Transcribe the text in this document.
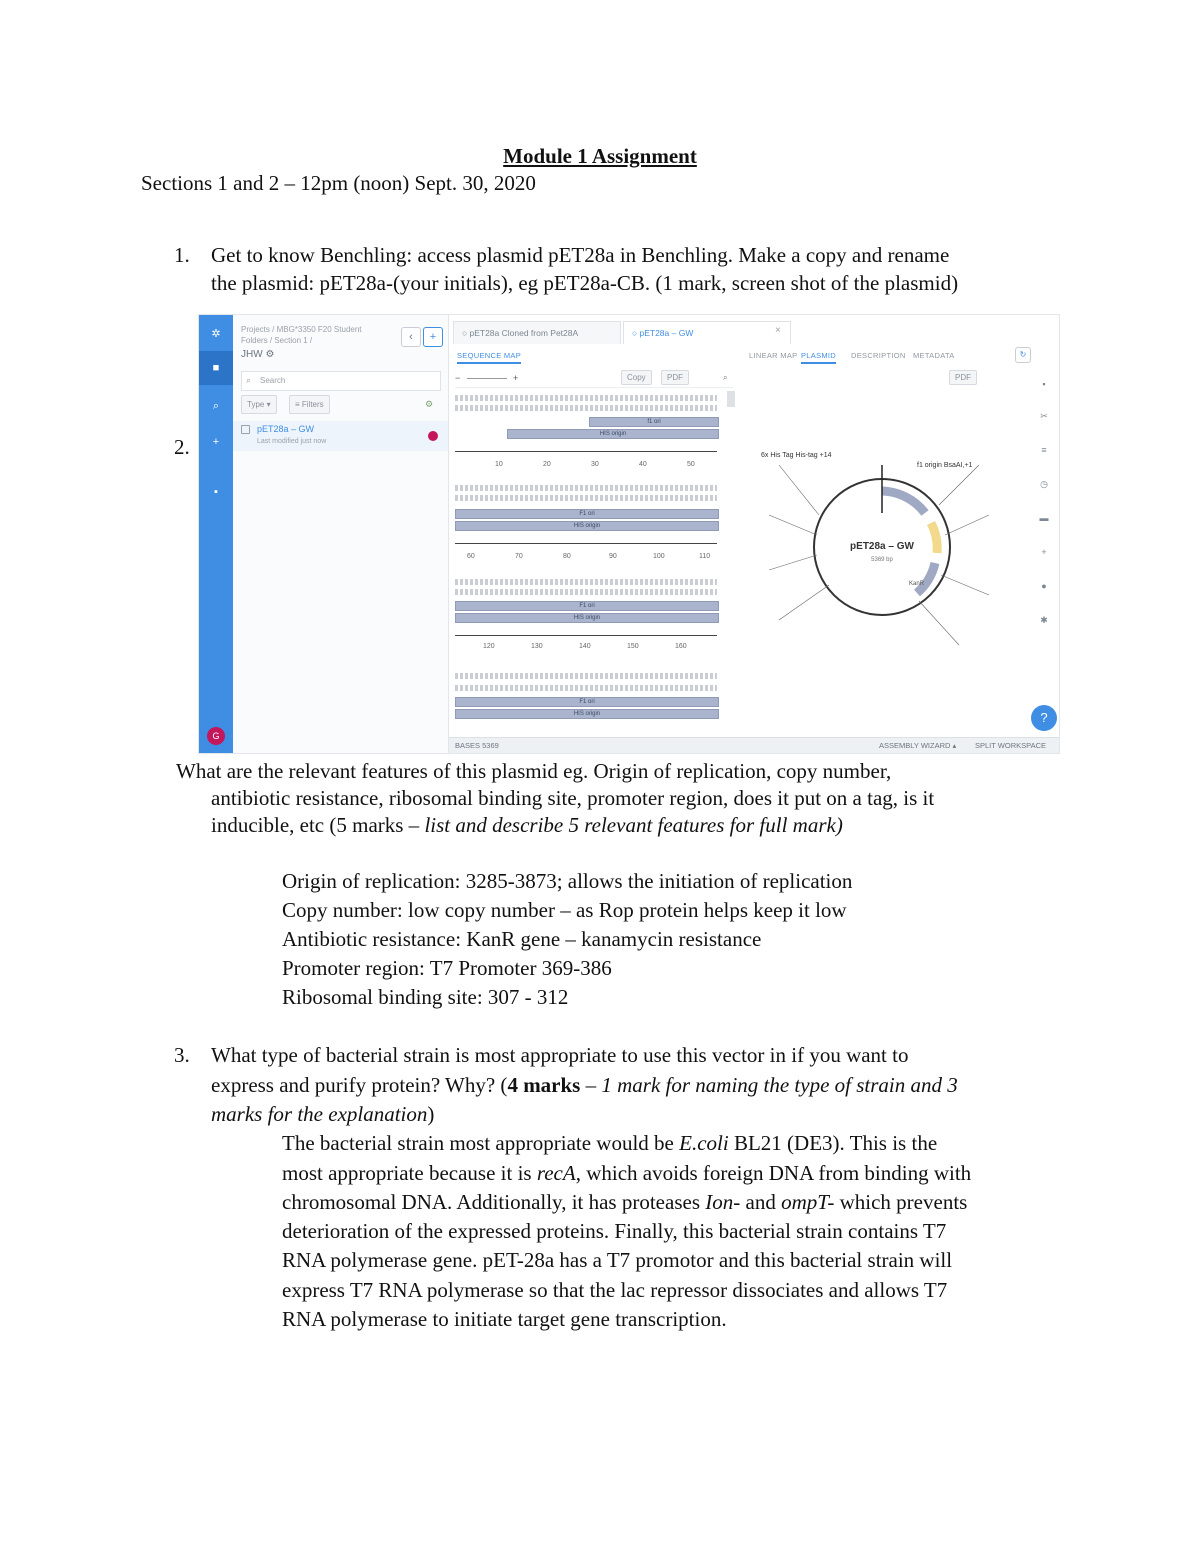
Module 1 Assignment
Sections 1 and 2 – 12pm (noon) Sept. 30, 2020
1. Get to know Benchling: access plasmid pET28a in Benchling. Make a copy and rename
the plasmid: pET28a-(your initials), eg pET28a-CB. (1 mark, screen shot of the plasmid)
2.
✲
■
⌕
+
▪
G
Projects / MBG*3350 F20 Student
Folders / Section 1 /
JHW ⚙
‹	+
⌕ Search
Type ▾	≡ Filters	⚙
pET28a – GW
Last modified just now
○ pET28a Cloned from Pet28A	○ pET28a – GW	×
SEQUENCE MAP
−	+	Copy	PDF	⌕
f1 ori
HIS origin
10	20	30	40	50
F1 ori
HIS origin
60	70	80	90	100	110
F1 ori
HIS origin
120	130	140	150	160
F1 ori
HIS origin
LINEAR MAP PLASMID DESCRIPTION METADATA	↻
PDF
pET28a – GW
5369 bp
6x His Tag His-tag +14
f1 origin BsaAI,+1
KanR
▪
✂
≡
◷
▬
+
●
✱
?
BASES 5369	ASSEMBLY WIZARD ▴ SPLIT WORKSPACE
What are the relevant features of this plasmid eg. Origin of replication, copy number,
antibiotic resistance, ribosomal binding site, promoter region, does it put on a tag, is it
inducible, etc (5 marks – list and describe 5 relevant features for full mark)
Origin of replication: 3285-3873; allows the initiation of replication
Copy number: low copy number – as Rop protein helps keep it low
Antibiotic resistance: KanR gene – kanamycin resistance
Promoter region: T7 Promoter 369-386
Ribosomal binding site: 307 - 312
3. What type of bacterial strain is most appropriate to use this vector in if you want to
express and purify protein? Why? (4 marks – 1 mark for naming the type of strain and 3
marks for the explanation)
The bacterial strain most appropriate would be E.coli BL21 (DE3). This is the
most appropriate because it is recA, which avoids foreign DNA from binding with
chromosomal DNA. Additionally, it has proteases Ion- and ompT- which prevents
deterioration of the expressed proteins. Finally, this bacterial strain contains T7
RNA polymerase gene. pET-28a has a T7 promotor and this bacterial strain will
express T7 RNA polymerase so that the lac repressor dissociates and allows T7
RNA polymerase to initiate target gene transcription.
